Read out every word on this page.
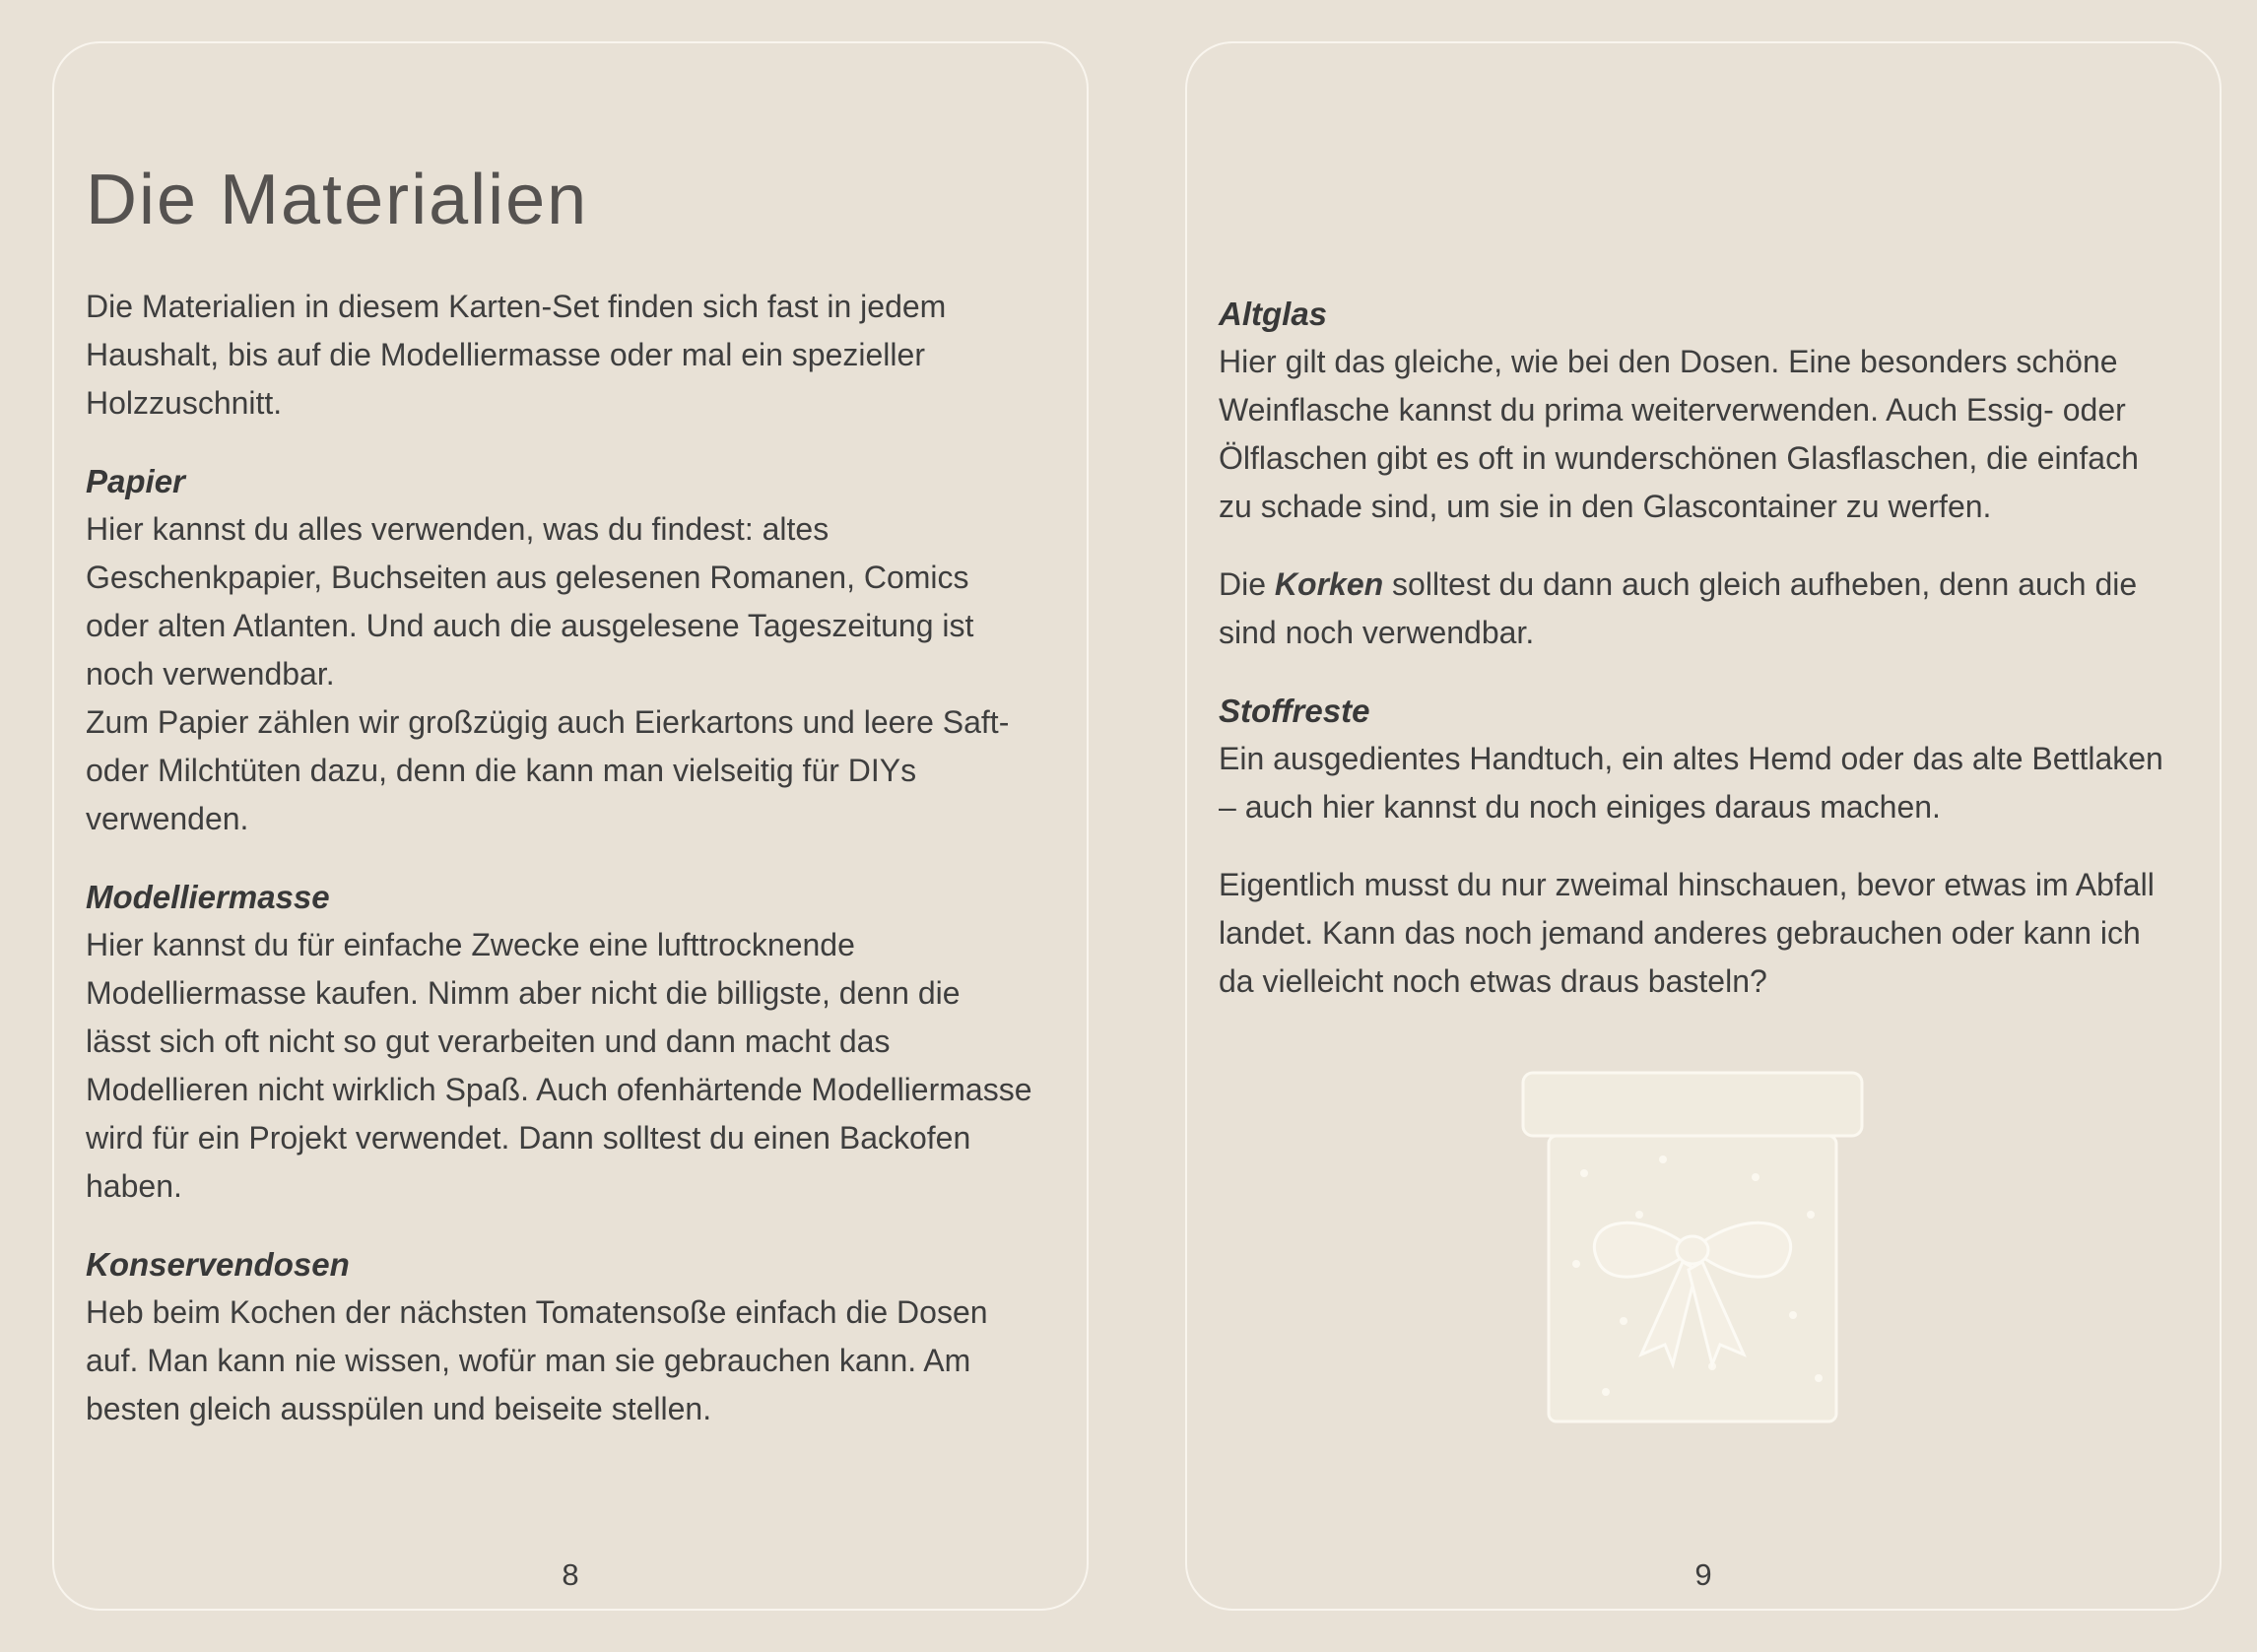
Die Materialien

Die Materialien in diesem Karten-Set finden sich fast in jedem Haushalt, bis auf die Modelliermasse oder mal ein spezieller Holzzuschnitt.

Papier

Hier kannst du alles verwenden, was du findest: altes Geschenkpapier, Buchseiten aus gelesenen Romanen, Comics oder alten Atlanten. Und auch die ausgelesene Tageszeitung ist noch verwendbar.

Zum Papier zählen wir großzügig auch Eierkartons und leere Saft- oder Milchtüten dazu, denn die kann man vielseitig für DIYs verwenden.

Modelliermasse

Hier kannst du für einfache Zwecke eine lufttrocknende Modelliermasse kaufen. Nimm aber nicht die billigste, denn die lässt sich oft nicht so gut verarbeiten und dann macht das Modellieren nicht wirklich Spaß. Auch ofenhärtende Modelliermasse wird für ein Projekt verwendet. Dann solltest du einen Backofen haben.

Konservendosen

Heb beim Kochen der nächsten Tomatensoße einfach die Dosen auf. Man kann nie wissen, wofür man sie gebrauchen kann. Am besten gleich ausspülen und beiseite stellen.

8
Altglas

Hier gilt das gleiche, wie bei den Dosen. Eine besonders schöne Weinflasche kannst du prima weiterverwenden. Auch Essig- oder Ölflaschen gibt es oft in wunderschönen Glasflaschen, die einfach zu schade sind, um sie in den Glascontainer zu werfen.

Die Korken solltest du dann auch gleich aufheben, denn auch die sind noch verwendbar.

Stoffreste

Ein ausgedientes Handtuch, ein altes Hemd oder das alte Bettlaken – auch hier kannst du noch einiges daraus machen.

Eigentlich musst du nur zweimal hinschauen, bevor etwas im Abfall landet. Kann das noch jemand anderes gebrauchen oder kann ich da vielleicht noch etwas draus basteln?

9
